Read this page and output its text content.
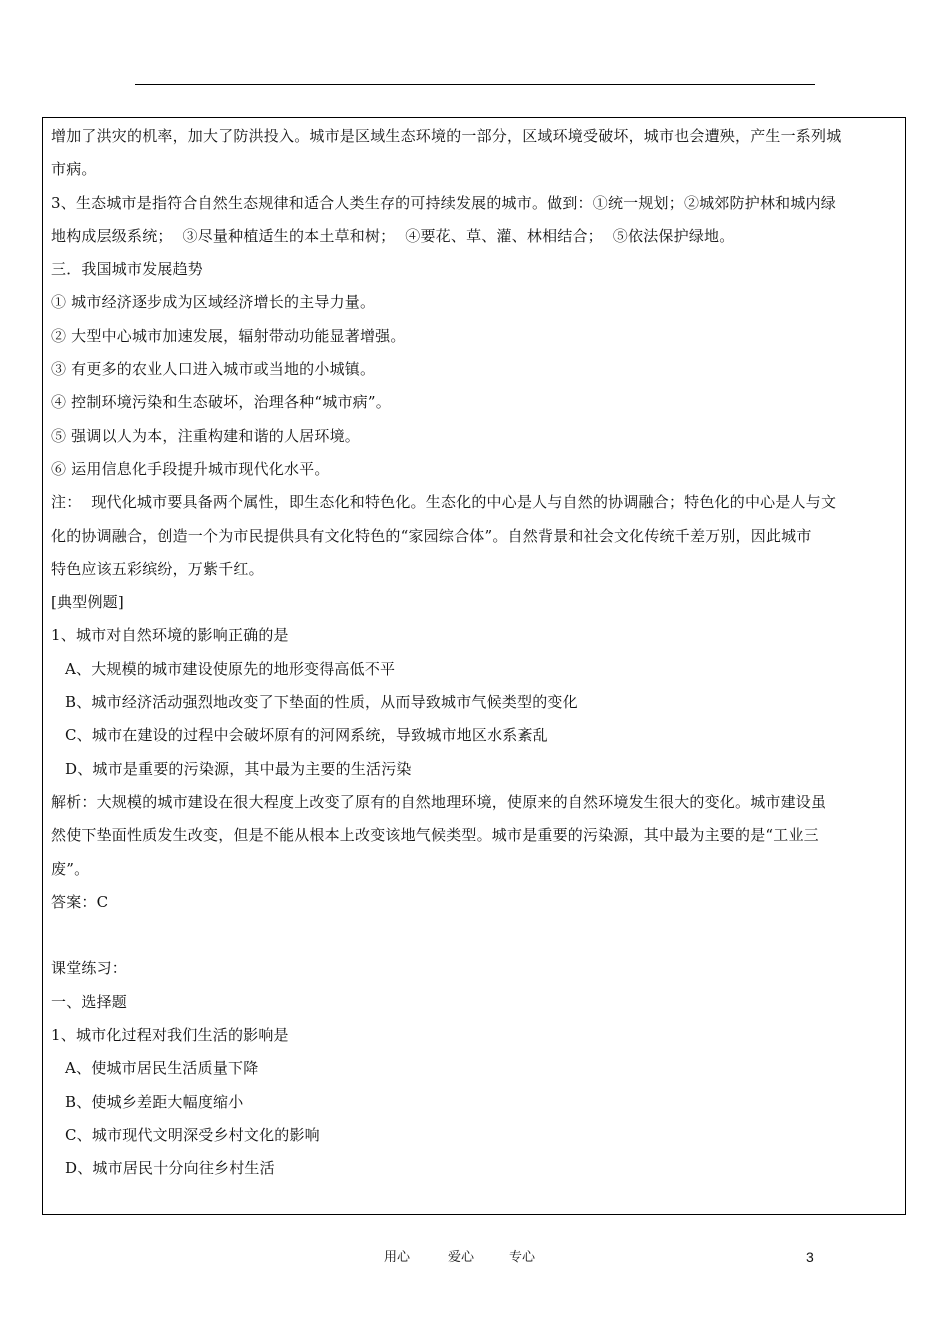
增加了洪灾的机率，加大了防洪投入。城市是区域生态环境的一部分，区域环境受破坏，城市也会遭殃，产生一系列城
市病。
3、生态城市是指符合自然生态规律和适合人类生存的可持续发展的城市。做到：①统一规划；②城郊防护林和城内绿
地构成层级系统；  ③尽量种植适生的本土草和树；  ④要花、草、灌、林相结合；  ⑤依法保护绿地。
三．我国城市发展趋势
① 城市经济逐步成为区域经济增长的主导力量。
② 大型中心城市加速发展，辐射带动功能显著增强。
③ 有更多的农业人口进入城市或当地的小城镇。
④ 控制环境污染和生态破坏，治理各种“城市病”。
⑤ 强调以人为本，注重构建和谐的人居环境。
⑥ 运用信息化手段提升城市现代化水平。
注：  现代化城市要具备两个属性，即生态化和特色化。生态化的中心是人与自然的协调融合；特色化的中心是人与文
化的协调融合，创造一个为市民提供具有文化特色的“家园综合体”。自然背景和社会文化传统千差万别，因此城市
特色应该五彩缤纷，万紫千红。
[典型例题]
1、城市对自然环境的影响正确的是
A、大规模的城市建设使原先的地形变得高低不平
B、城市经济活动强烈地改变了下垫面的性质，从而导致城市气候类型的变化
C、城市在建设的过程中会破坏原有的河网系统，导致城市地区水系紊乱
D、城市是重要的污染源，其中最为主要的生活污染
解析：大规模的城市建设在很大程度上改变了原有的自然地理环境，使原来的自然环境发生很大的变化。城市建设虽
然使下垫面性质发生改变，但是不能从根本上改变该地气候类型。城市是重要的污染源，其中最为主要的是“工业三
废”。
答案：C
课堂练习：
一、选择题
1、城市化过程对我们生活的影响是
A、使城市居民生活质量下降
B、使城乡差距大幅度缩小
C、城市现代文明深受乡村文化的影响
D、城市居民十分向往乡村生活
用心	爱心	专心	3
